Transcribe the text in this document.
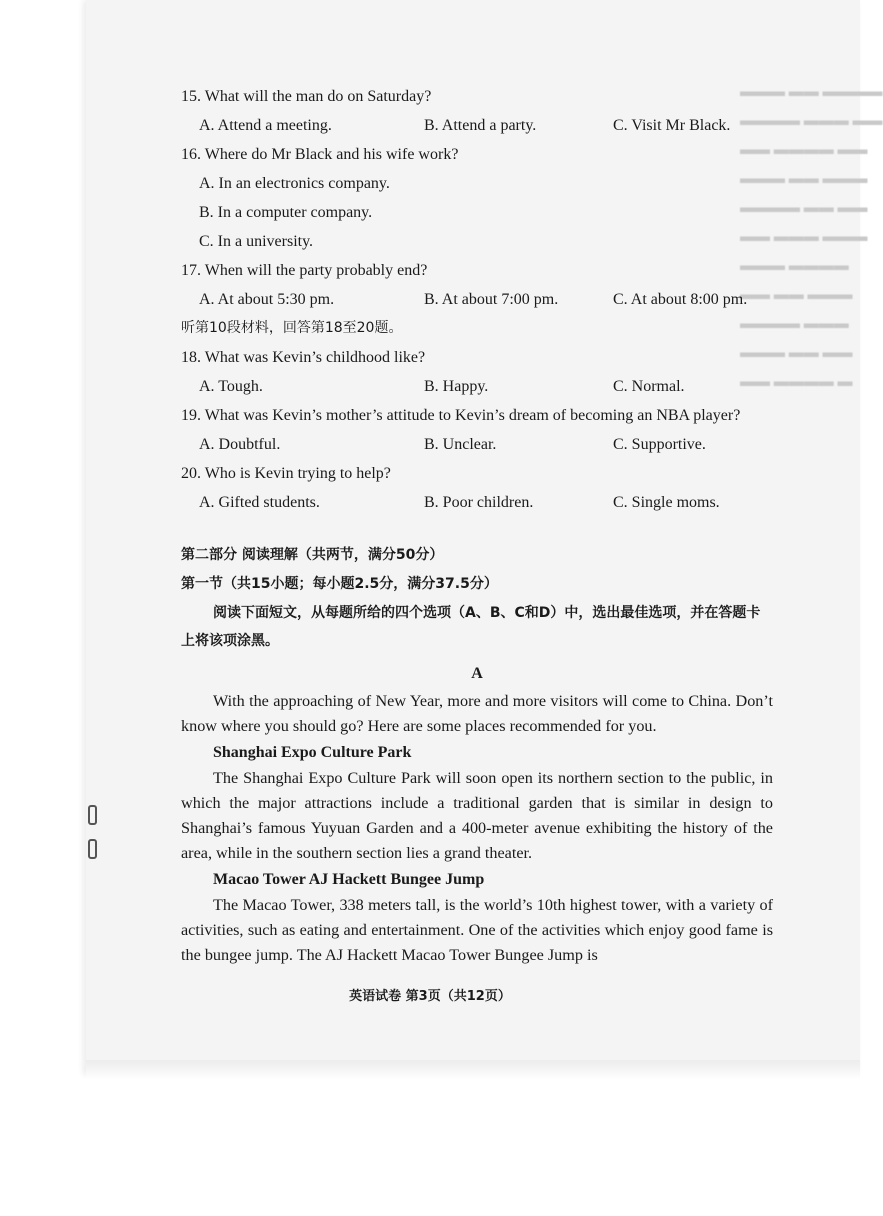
▬▬▬ ▬▬ ▬▬▬▬
▬▬▬▬ ▬▬▬ ▬▬
▬▬ ▬▬▬▬ ▬▬
▬▬▬ ▬▬ ▬▬▬
▬▬▬▬ ▬▬ ▬▬
▬▬ ▬▬▬ ▬▬▬
▬▬▬ ▬▬▬▬
▬▬ ▬▬ ▬▬▬
▬▬▬▬ ▬▬▬
▬▬▬ ▬▬ ▬▬
▬▬ ▬▬▬▬ ▬

15. What will the man do on Saturday?

A. Attend a meeting.	B. Attend a party.	C. Visit Mr Black.

16. Where do Mr Black and his wife work?

A. In an electronics company.
B. In a computer company.
C. In a university.

17. When will the party probably end?

A. At about 5:30 pm.	B. At about 7:00 pm.	C. At about 8:00 pm.
听第10段材料，回答第18至20题。

18. What was Kevin’s childhood like?

A. Tough.	B. Happy.	C. Normal.

19. What was Kevin’s mother’s attitude to Kevin’s dream of becoming an NBA player?

A. Doubtful.	B. Unclear.	C. Supportive.

20. Who is Kevin trying to help?

A. Gifted students.	B. Poor children.	C. Single moms.
第二部分 阅读理解（共两节，满分50分）
第一节（共15小题；每小题2.5分，满分37.5分）

阅读下面短文，从每题所给的四个选项（A、B、C和D）中，选出最佳选项，并在答题卡上将该项涂黑。

A

With the approaching of New Year, more and more visitors will come to China. Don’t know where you should go? Here are some places recommended for you.

Shanghai Expo Culture Park

The Shanghai Expo Culture Park will soon open its northern section to the public, in which the major attractions include a traditional garden that is similar in design to Shanghai’s famous Yuyuan Garden and a 400-meter avenue exhibiting the history of the area, while in the southern section lies a grand theater.

Macao Tower AJ Hackett Bungee Jump

The Macao Tower, 338 meters tall, is the world’s 10th highest tower, with a variety of activities, such as eating and entertainment. One of the activities which enjoy good fame is the bungee jump. The AJ Hackett Macao Tower Bungee Jump is

英语试卷 第3页（共12页）
